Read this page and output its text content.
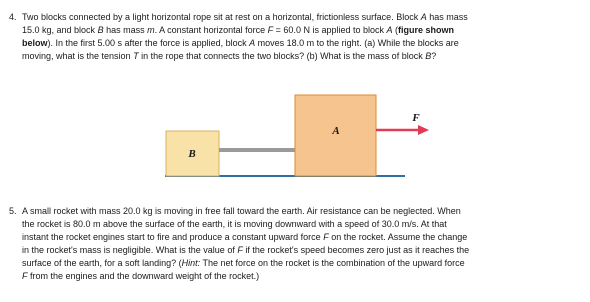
4. Two blocks connected by a light horizontal rope sit at rest on a horizontal, frictionless surface. Block A has mass
15.0 kg, and block B has mass m. A constant horizontal force F = 60.0 N is applied to block A (figure shown
below). In the first 5.00 s after the force is applied, block A moves 18.0 m to the right. (a) While the blocks are
moving, what is the tension T in the rope that connects the two blocks? (b) What is the mass of block B?
B
A
F
5. A small rocket with mass 20.0 kg is moving in free fall toward the earth. Air resistance can be neglected. When
the rocket is 80.0 m above the surface of the earth, it is moving downward with a speed of 30.0 m/s. At that
instant the rocket engines start to fire and produce a constant upward force F on the rocket. Assume the change
in the rocket's mass is negligible. What is the value of F if the rocket's speed becomes zero just as it reaches the
surface of the earth, for a soft landing? (Hint: The net force on the rocket is the combination of the upward force
F from the engines and the downward weight of the rocket.)
